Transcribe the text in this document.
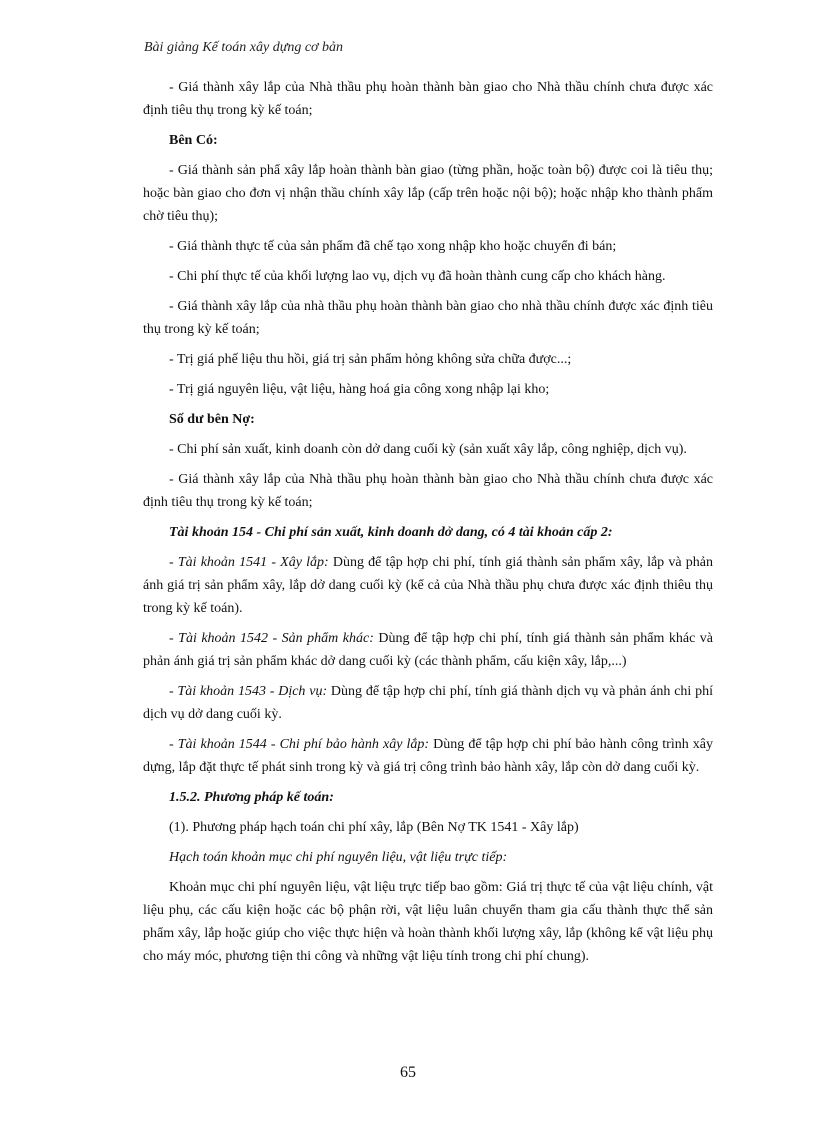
Bài giảng Kế toán xây dựng cơ bản

- Giá thành xây lắp của Nhà thầu phụ hoàn thành bàn giao cho Nhà thầu chính chưa được xác định tiêu thụ trong kỳ kế toán;

Bên Có:

- Giá thành sản phẩ xây lắp hoàn thành bàn giao (từng phần, hoặc toàn bộ) được coi là tiêu thụ; hoặc bàn giao cho đơn vị nhận thầu chính xây lắp (cấp trên hoặc nội bộ); hoặc nhập kho thành phẩm chờ tiêu thụ);

- Giá thành thực tế của sản phẩm đã chế tạo xong nhập kho hoặc chuyển đi bán;

- Chi phí thực tế của khối lượng lao vụ, dịch vụ đã hoàn thành cung cấp cho khách hàng.

- Giá thành xây lắp của nhà thầu phụ hoàn thành bàn giao cho nhà thầu chính được xác định tiêu thụ trong kỳ kế toán;

- Trị giá phế liệu thu hồi, giá trị sản phẩm hỏng không sửa chữa được...;

- Trị giá nguyên liệu, vật liệu, hàng hoá gia công xong nhập lại kho;

Số dư bên Nợ:

- Chi phí sản xuất, kinh doanh còn dở dang cuối kỳ (sản xuất xây lắp, công nghiệp, dịch vụ).

- Giá thành xây lắp của Nhà thầu phụ hoàn thành bàn giao cho Nhà thầu chính chưa được xác định tiêu thụ trong kỳ kế toán;

Tài khoản 154 - Chi phí sản xuất, kinh doanh dở dang, có 4 tài khoản cấp 2:

- Tài khoản 1541 - Xây lắp: Dùng để tập hợp chi phí, tính giá thành sản phẩm xây, lắp và phản ánh giá trị sản phẩm xây, lắp dở dang cuối kỳ (kể cả của Nhà thầu phụ chưa được xác định thiêu thụ trong kỳ kế toán).

- Tài khoản 1542 - Sản phẩm khác: Dùng để tập hợp chi phí, tính giá thành sản phẩm khác và phản ánh giá trị sản phẩm khác dở dang cuối kỳ (các thành phẩm, cấu kiện xây, lắp,...)

- Tài khoản 1543 - Dịch vụ: Dùng để tập hợp chi phí, tính giá thành dịch vụ và phản ánh chi phí dịch vụ dở dang cuối kỳ.

- Tài khoản 1544 - Chi phí bảo hành xây lắp: Dùng để tập hợp chi phí bảo hành công trình xây dựng, lắp đặt thực tế phát sinh trong kỳ và giá trị công trình bảo hành xây, lắp còn dở dang cuối kỳ.

1.5.2. Phương pháp kế toán:

(1). Phương pháp hạch toán chi phí xây, lắp (Bên Nợ TK 1541 - Xây lắp)

Hạch toán khoản mục chi phí nguyên liệu, vật liệu trực tiếp:

Khoản mục chi phí nguyên liệu, vật liệu trực tiếp bao gồm: Giá trị thực tế của vật liệu chính, vật liệu phụ, các cấu kiện hoặc các bộ phận rời, vật liệu luân chuyển tham gia cấu thành thực thể sản phẩm xây, lắp hoặc giúp cho việc thực hiện và hoàn thành khối lượng xây, lắp (không kể vật liệu phụ cho máy móc, phương tiện thi công và những vật liệu tính trong chi phí chung).

65
